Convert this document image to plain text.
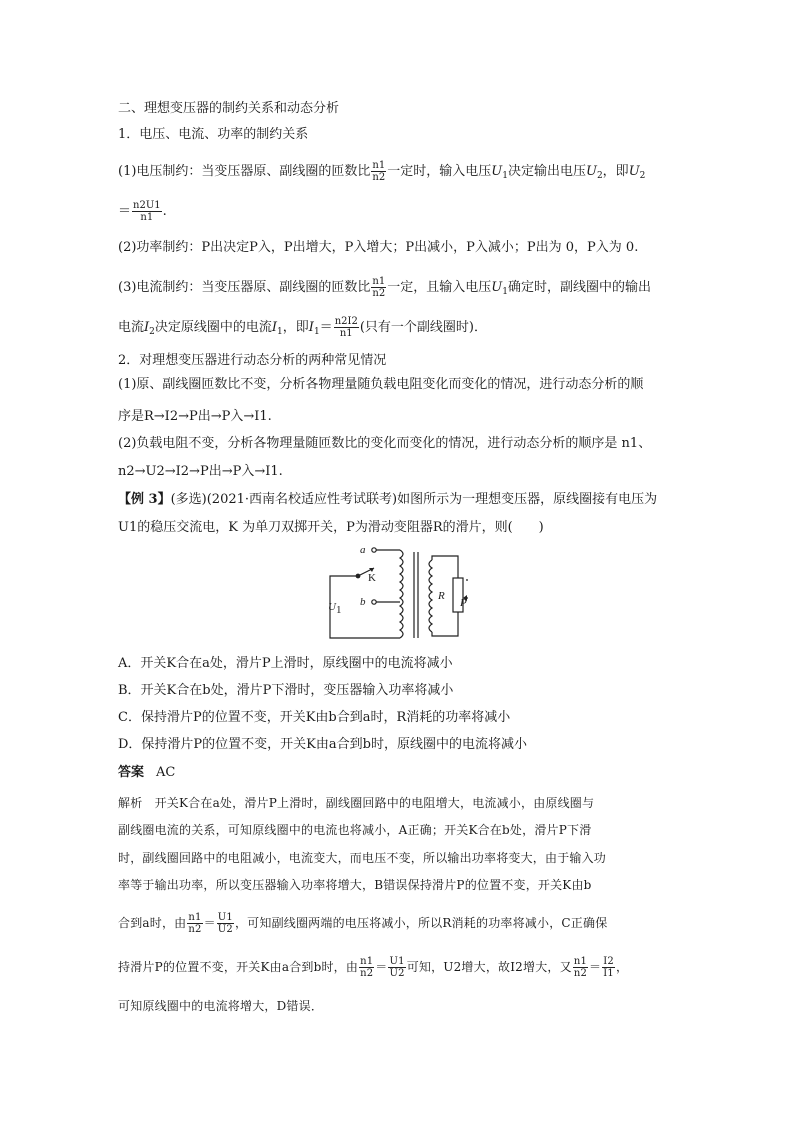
二、理想变压器的制约关系和动态分析
1．电压、电流、功率的制约关系
(1)电压制约：当变压器原、副线圈的匝数比 $\frac{n1}{n2}$ 一定时，输入电压$U_1$决定输出电压$U_2$，即$U_2$
＝ $\frac{n2U1}{n1}$ .
(2)功率制约：P出决定P入，P出增大，P入增大；P出减小，P入减小；P出为 0，P入为 0.
(3)电流制约：当变压器原、副线圈的匝数比 $\frac{n1}{n2}$ 一定，且输入电压$U_1$确定时，副线圈中的输出
电流$I_2$决定原线圈中的电流$I_1$，即$I_1= \frac{n2I2}{n1}$ (只有一个副线圈时)．
2．对理想变压器进行动态分析的两种常见情况
(1)原、副线圈匝数比不变，分析各物理量随负载电阻变化而变化的情况，进行动态分析的顺
序是R→I2→P出→P入→I1.
(2)负载电阻不变，分析各物理量随匝数比的变化而变化的情况，进行动态分析的顺序是 n1、
n2→U2→I2→P出→P入→I1.
【例 3】(多选)(2021·西南名校适应性考试联考)如图所示为一理想变压器，原线圈接有电压为
U1的稳压交流电，K 为单刀双掷开关，P为滑动变阻器R的滑片，则(　　)
a
b
K
U 1
R
P
A．开关K合在a处，滑片P上滑时，原线圈中的电流将减小
B．开关K合在b处，滑片P下滑时，变压器输入功率将减小
C．保持滑片P的位置不变，开关K由b合到a时，R消耗的功率将减小
D．保持滑片P的位置不变，开关K由a合到b时，原线圈中的电流将减小
答案 AC
解析　开关K合在a处，滑片P上滑时，副线圈回路中的电阻增大，电流减小，由原线圈与
副线圈电流的关系，可知原线圈中的电流也将减小，A正确；开关K合在b处，滑片P下滑
时，副线圈回路中的电阻减小，电流变大，而电压不变，所以输出功率将变大，由于输入功
率等于输出功率，所以变压器输入功率将增大，B错误保持滑片P的位置不变，开关K由b
合到a时，由 $\frac{n1}{n2} = \frac{U1}{U2}$ ，可知副线圈两端的电压将减小，所以R消耗的功率将减小，C正确保
持滑片P的位置不变，开关K由a合到b时，由 $\frac{n1}{n2} = \frac{U1}{U2}$ 可知，U2增大，故I2增大，又 $\frac{n1}{n2} = \frac{I2}{I1}$ ，
可知原线圈中的电流将增大，D错误．
